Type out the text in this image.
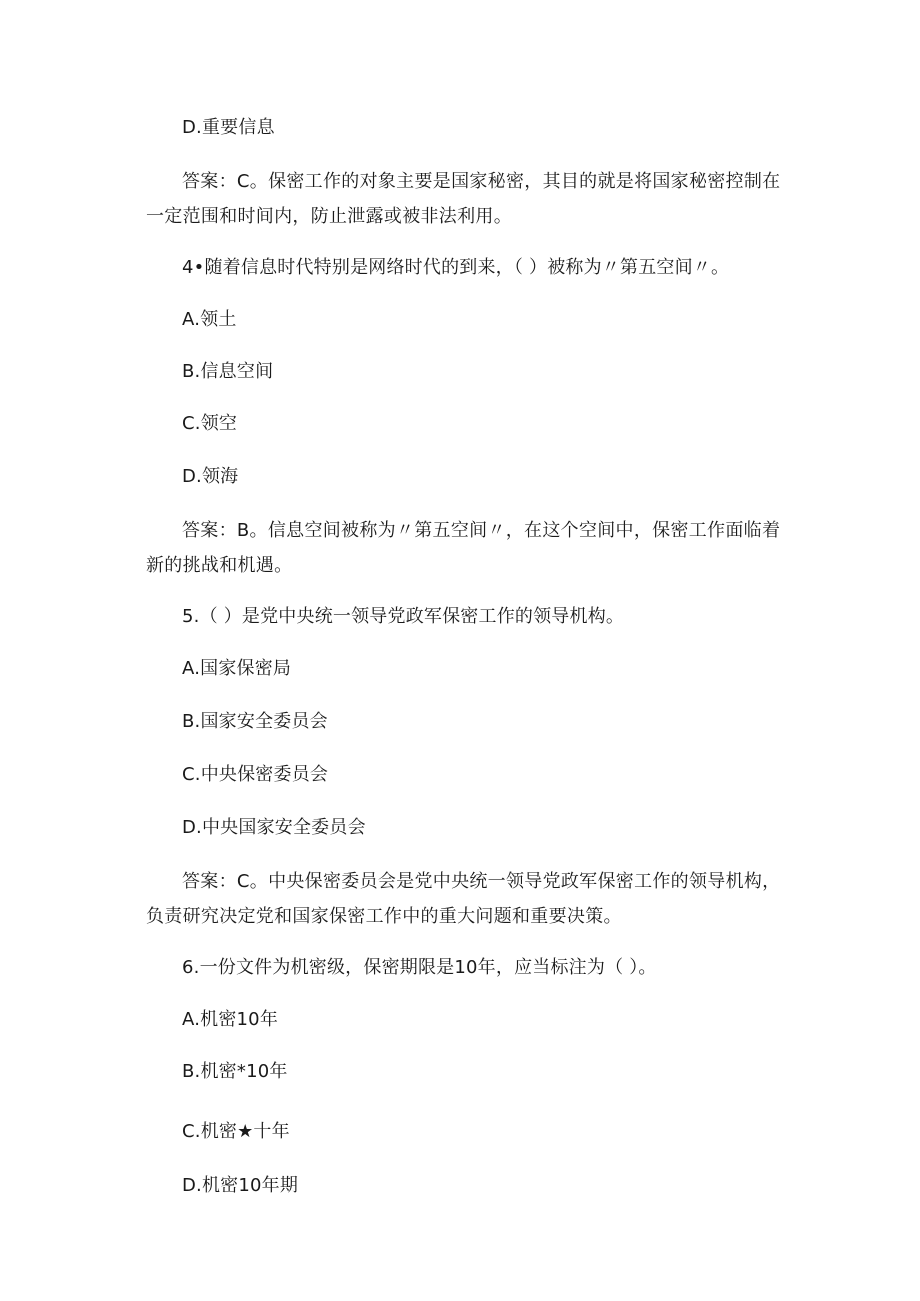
D.重要信息
答案：C。保密工作的对象主要是国家秘密，其目的就是将国家秘密控制在一定范围和时间内，防止泄露或被非法利用。
4•随着信息时代特别是网络时代的到来，（ ）被称为〃第五空间〃。
A.领土
B.信息空间
C.领空
D.领海
答案：B。信息空间被称为〃第五空间〃，在这个空间中，保密工作面临着新的挑战和机遇。
5.（ ）是党中央统一领导党政军保密工作的领导机构。
A.国家保密局
B.国家安全委员会
C.中央保密委员会
D.中央国家安全委员会
答案：C。中央保密委员会是党中央统一领导党政军保密工作的领导机构，负责研究决定党和国家保密工作中的重大问题和重要决策。
6.一份文件为机密级，保密期限是10年，应当标注为（ ）。
A.机密10年
B.机密*10年
C.机密★十年
D.机密10年期
